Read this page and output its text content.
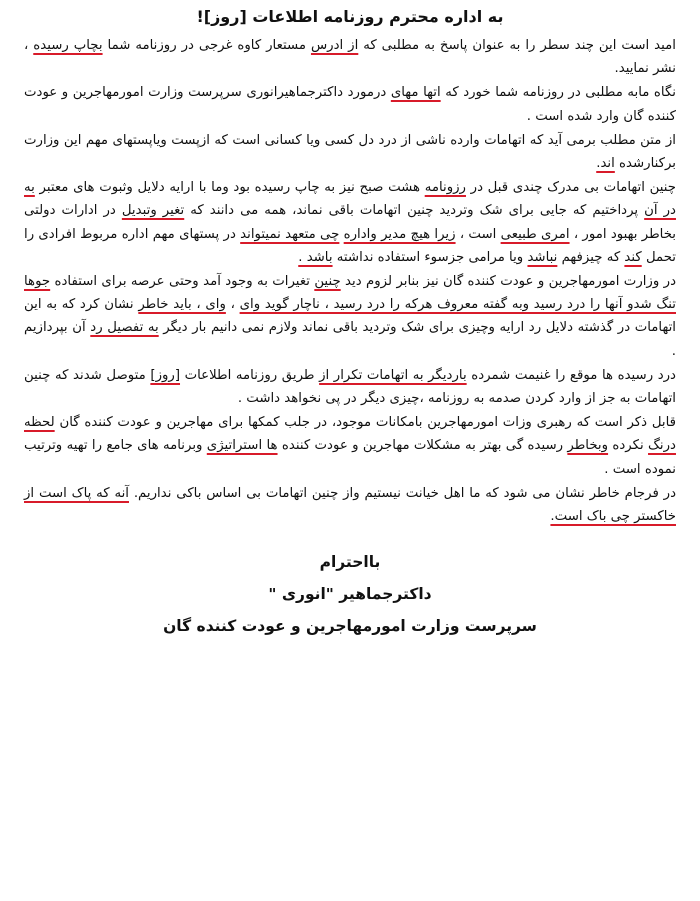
به اداره محترم روزنامه اطلاعات [روز]!

امید است این چند سطر را به عنوان پاسخ به مطلبی که از ادرس مستعار کاوه غرجی در روزنامه شما بچاپ رسیده ، نشر نمایید.

نگاه مابه مطلبی در روزنامه شما خورد که اتها مهای درمورد داکترجماهیرانوری سرپرست وزارت امورمهاجرین و عودت کننده گان وارد شده است .

از متن مطلب برمی آید که اتهامات وارده ناشی از درد دل کسی ویا کسانی است که ازپست ویاپستهای مهم این وزارت برکنارشده اند.

چنین اتهامات بی مدرک چندی قبل در رزونامه هشت صبح نیز به چاپ رسیده بود وما با ارایه دلایل وثبوت های معتبر به در آن پرداختیم که جایی برای شک وتردید چنین اتهامات باقی نماند، همه می دانند که تغیر وتبدیل در ادارات دولتی بخاطر بهبود امور ، امری طبیعی است ، زیرا هیچ مدیر واداره چی متعهد نمیتواند در پستهای مهم اداره مربوط افرادی را تحمل کند که چیزفهم نباشد ویا مرامی جزسوء استفاده نداشته باشد .

در وزارت امورمهاجرین و عودت کننده گان نیز بنابر لزوم دید چنین تغیرات به وجود آمد وحتی عرصه برای استفاده جوها تنگ شدو آنها را درد رسید وبه گفته معروف هرکه را درد رسید ، ناچار گوید وای ، وای ، باید خاطر نشان کرد که به این اتهامات در گذشته دلایل رد ارایه وچیزی برای شک وتردید باقی نماند ولازم نمی دانیم بار دیگر به تفصیل رد آن بپردازیم .

درد رسیده ها موقع را غنیمت شمرده باردیگر به اتهامات تکرار از طریق روزنامه اطلاعات [روز] متوصل شدند که چنین اتهامات به جز از وارد کردن صدمه به روزنامه ،چیزی دیگر در پی نخواهد داشت .

قابل ذکر است که رهبری وزات امورمهاجرین بامکانات موجود، در جلب کمکها برای مهاجرین و عودت کننده گان لحظه درنگ نکرده وبخاطر رسیده گی بهتر به مشکلات مهاجرین و عودت کننده ها استراتیژی وبرنامه های جامع را تهیه وترتیب نموده است .

در فرجام خاطر نشان می شود که ما اهل خیانت نیستیم واز چنین اتهامات بی اساس باکی نداریم. آنه که پاک است از خاکستر چی باک است.

بااحترام
داکترجماهیر "انوری "
سرپرست وزارت امورمهاجرین و عودت کننده گان
